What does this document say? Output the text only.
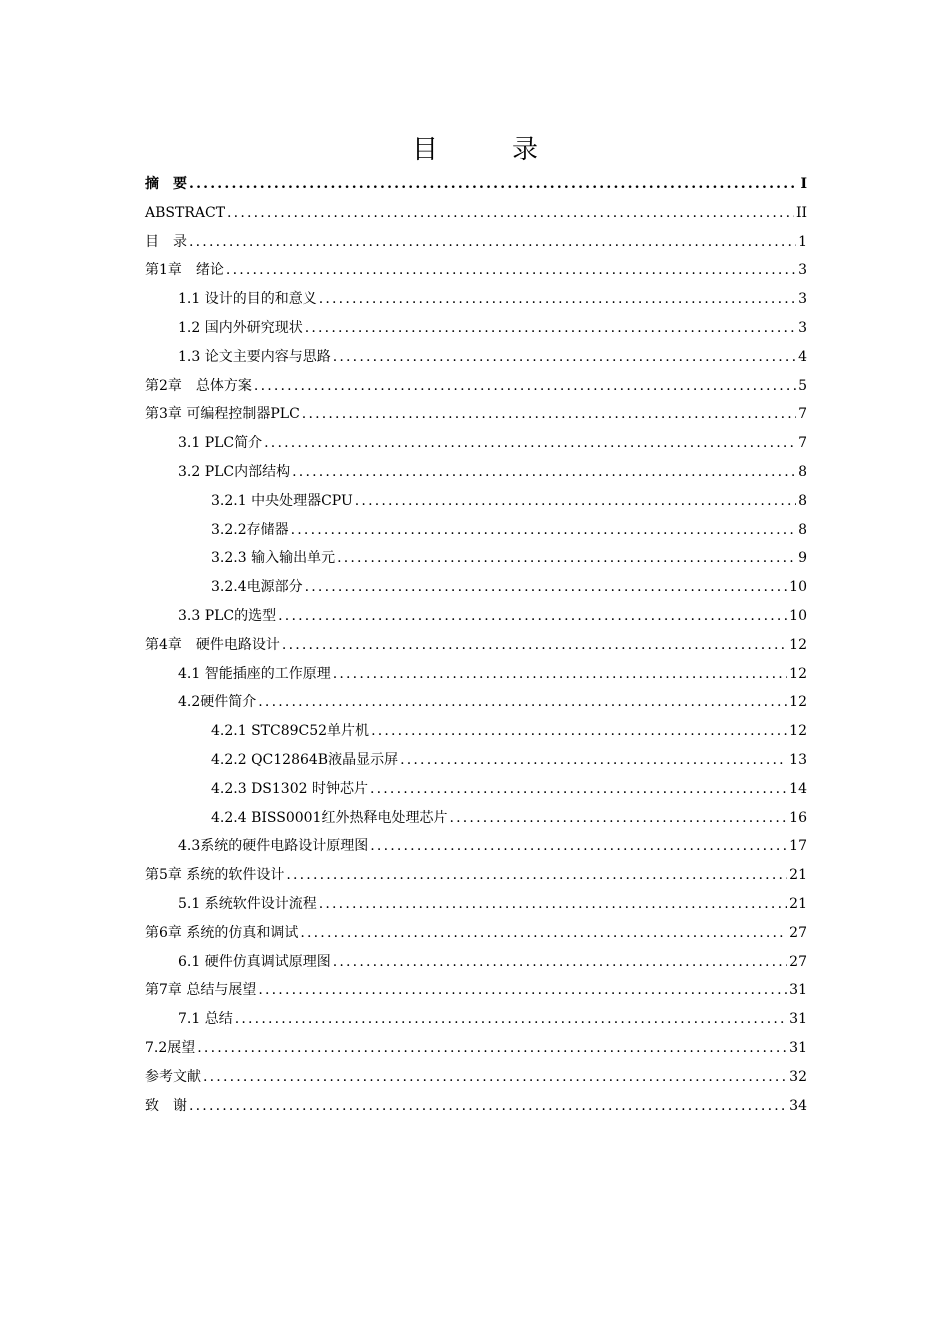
目　录
摘　要 .....	I
ABSTRACT .....	II
目　录 .....	1
第1章　绪论 .....	3
1.1 设计的目的和意义 .....	3
1.2 国内外研究现状 .....	3
1.3 论文主要内容与思路 .....	4
第2章　总体方案 .....	5
第3章 可编程控制器PLC .....	7
3.1 PLC简介 .....	7
3.2 PLC内部结构 .....	8
3.2.1 中央处理器CPU .....	8
3.2.2存储器 .....	8
3.2.3 输入输出单元 .....	9
3.2.4电源部分 .....	10
3.3 PLC的选型 .....	10
第4章　硬件电路设计 .....	12
4.1 智能插座的工作原理 .....	12
4.2硬件简介 .....	12
4.2.1 STC89C52单片机 .....	12
4.2.2 QC12864B液晶显示屏 .....	13
4.2.3 DS1302 时钟芯片 .....	14
4.2.4 BISS0001红外热释电处理芯片 .....	16
4.3系统的硬件电路设计原理图 .....	17
第5章 系统的软件设计 .....	21
5.1 系统软件设计流程 .....	21
第6章 系统的仿真和调试 .....	27
6.1 硬件仿真调试原理图 .....	27
第7章 总结与展望 .....	31
7.1 总结 .....	31
7.2展望 .....	31
参考文献 .....	32
致　谢 .....	34
